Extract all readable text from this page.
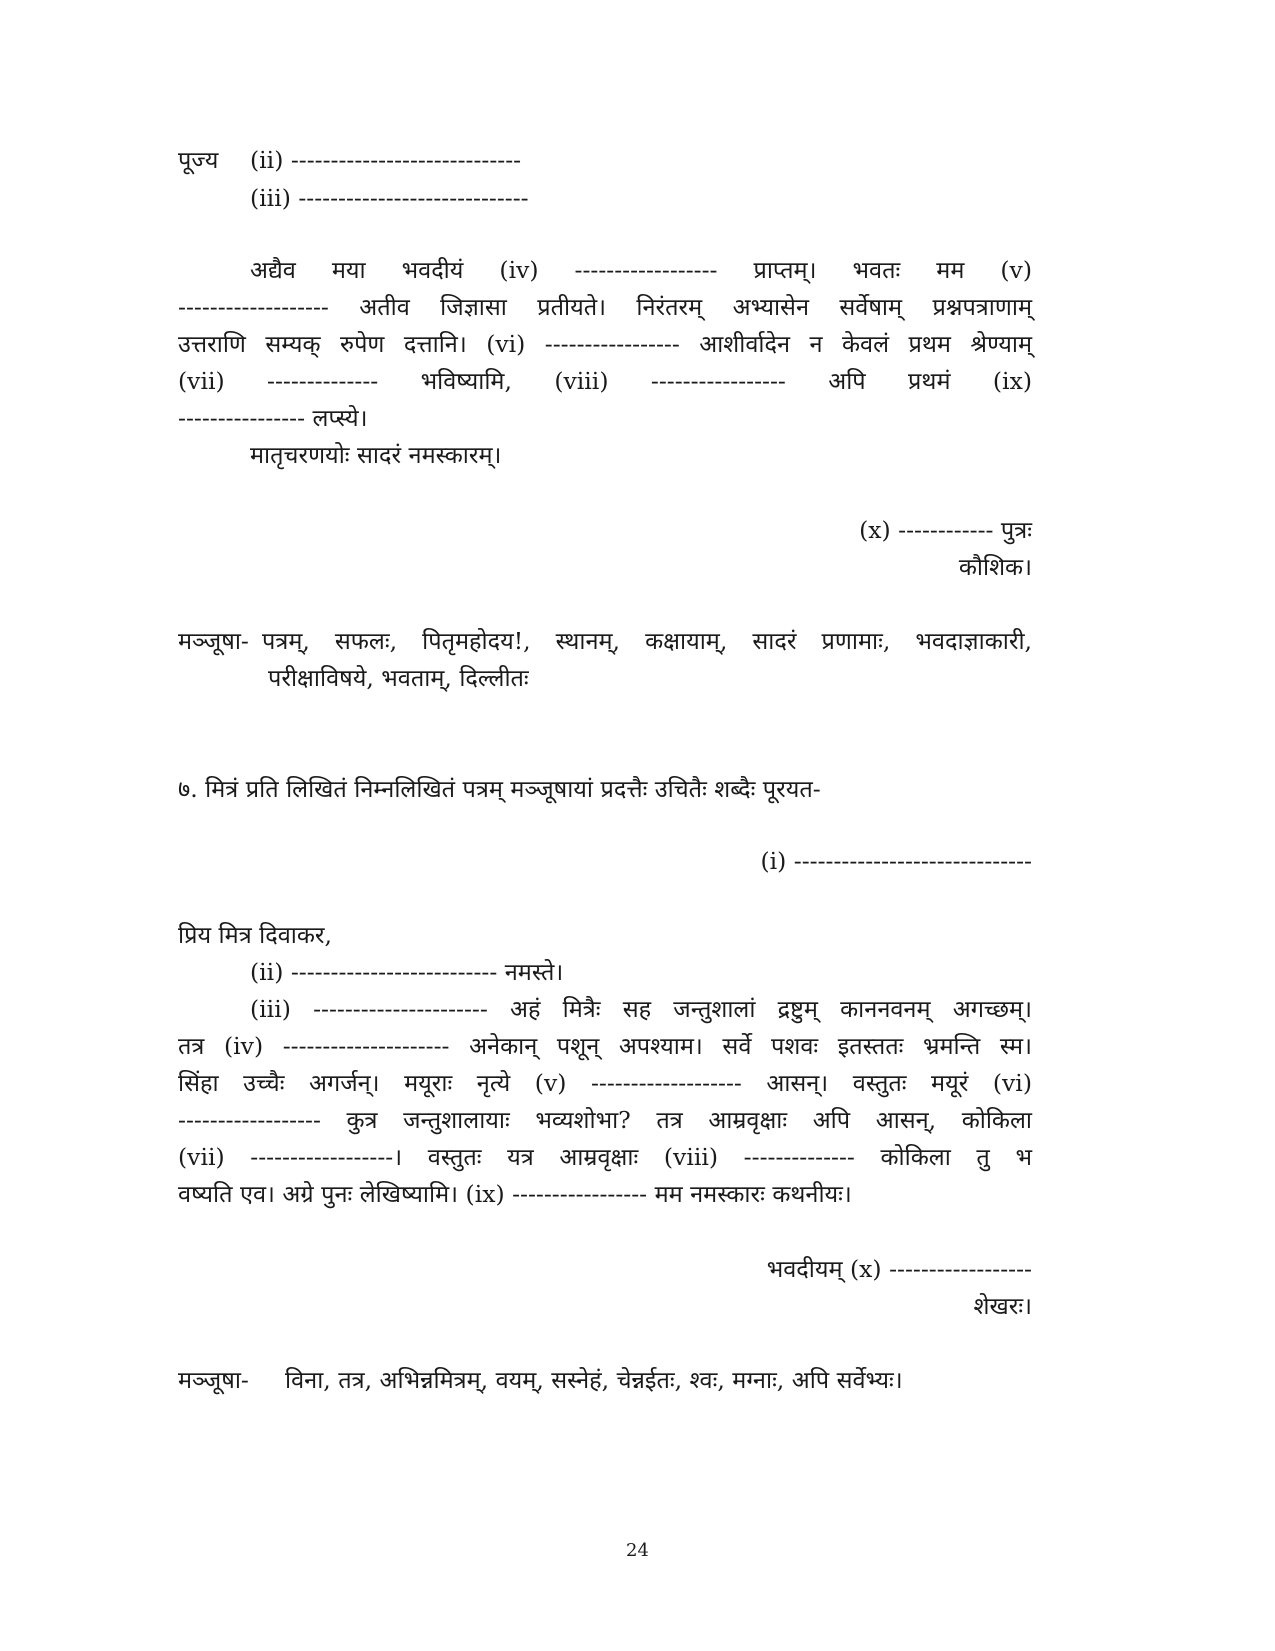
पूज्य (ii) -----------------------------
(iii) -----------------------------
अद्यैव मया भवदीयं (iv) ------------------ प्राप्तम्। भवतः मम (v)
------------------- अतीव जिज्ञासा प्रतीयते। निरंतरम् अभ्यासेन सर्वेषाम् प्रश्नपत्राणाम्
उत्तराणि सम्यक् रुपेण दत्तानि। (vi) ----------------- आशीर्वादेन न केवलं प्रथम श्रेण्याम्
(vii) -------------- भविष्यामि, (viii) ----------------- अपि प्रथमं (ix)
---------------- लप्स्ये।
मातृचरणयोः सादरं नमस्कारम्।
(x) ------------ पुत्रः
कौशिक।
मञ्जूषा- पत्रम्, सफलः, पितृमहोदय!, स्थानम्, कक्षायाम्, सादरं प्रणामाः, भवदाज्ञाकारी,
परीक्षाविषये, भवताम्, दिल्लीतः
७. मित्रं प्रति लिखितं निम्नलिखितं पत्रम् मञ्जूषायां प्रदत्तैः उचितैः शब्दैः पूरयत-
(i) ------------------------------
प्रिय मित्र दिवाकर,
(ii) -------------------------- नमस्ते।
(iii) ---------------------- अहं मित्रैः सह जन्तुशालां द्रष्टुम् काननवनम् अगच्छम्।
तत्र (iv) --------------------- अनेकान् पशून् अपश्याम। सर्वे पशवः इतस्ततः भ्रमन्ति स्म।
सिंहा उच्चैः अगर्जन्। मयूराः नृत्ये (v) ------------------- आसन्। वस्तुतः मयूरं (vi)
------------------ कुत्र जन्तुशालायाः भव्यशोभा? तत्र आम्रवृक्षाः अपि आसन्, कोकिला
(vii) ------------------। वस्तुतः यत्र आम्रवृक्षाः (viii) -------------- कोकिला तु भ
वष्यति एव। अग्रे पुनः लेखिष्यामि। (ix) ----------------- मम नमस्कारः कथनीयः।
भवदीयम् (x) ------------------
शेखरः।
मञ्जूषा- विना, तत्र, अभिन्नमित्रम्, वयम्, सस्नेहं, चेन्नईतः, श्वः, मग्नाः, अपि सर्वेभ्यः।
24
